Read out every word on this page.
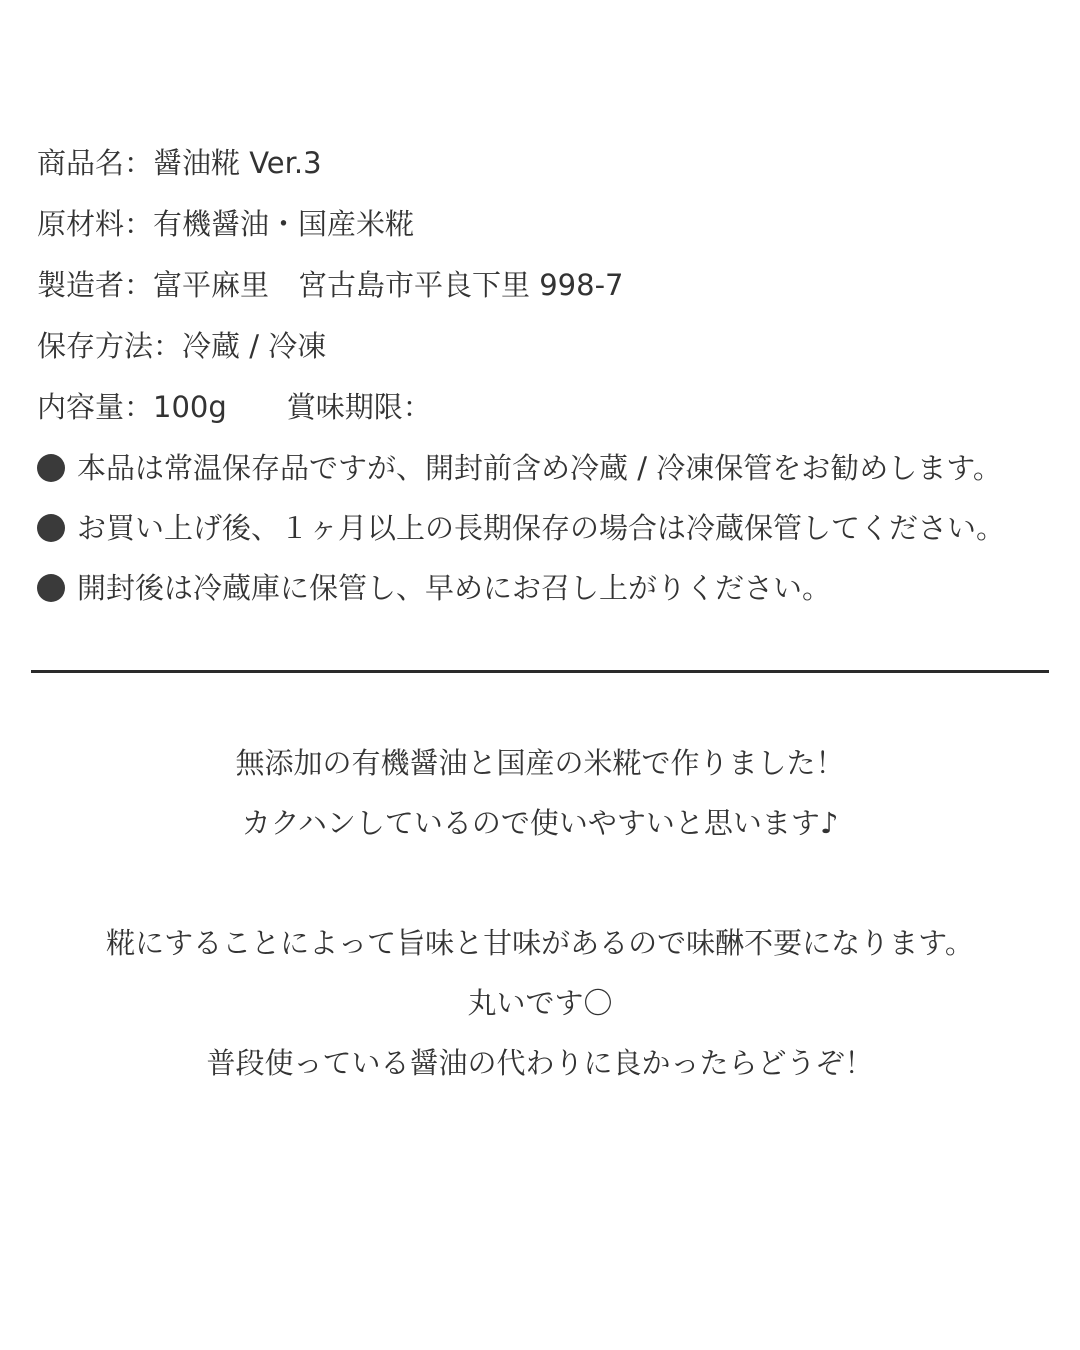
商品名：醤油糀 Ver.3
原材料：有機醤油・国産米糀
製造者：富平麻里　宮古島市平良下里 998-7
保存方法：冷蔵 / 冷凍
内容量：100g 賞味期限：
本品は常温保存品ですが、開封前含め冷蔵 / 冷凍保管をお勧めします。
お買い上げ後、１ヶ月以上の長期保存の場合は冷蔵保管してください。
開封後は冷蔵庫に保管し、早めにお召し上がりください。
無添加の有機醤油と国産の米糀で作りました！
カクハンしているので使いやすいと思います♪
糀にすることによって旨味と甘味があるので味醂不要になります。
丸いです〇
普段使っている醤油の代わりに良かったらどうぞ！
